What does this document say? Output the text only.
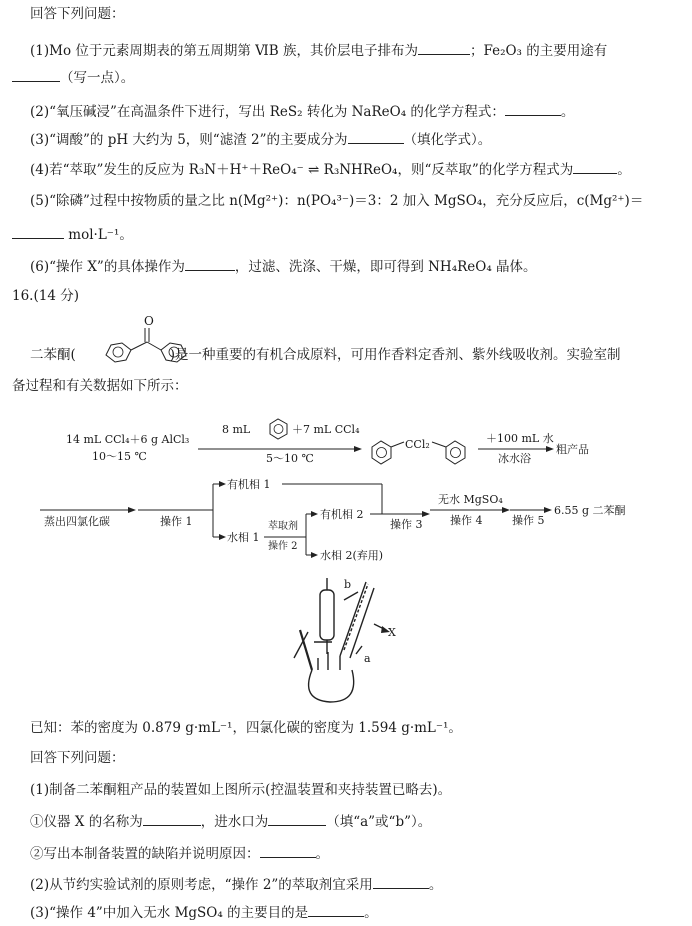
回答下列问题：
(1)Mo 位于元素周期表的第五周期第 ⅥB 族，其价层电子排布为	；Fe₂O₃ 的主要用途有
（写一点）。
(2)“氧压碱浸”在高温条件下进行，写出 ReS₂ 转化为 NaReO₄ 的化学方程式：	。
(3)“调酸”的 pH 大约为 5，则“滤渣 2”的主要成分为	（填化学式）。
(4)若“萃取”发生的反应为 R₃N＋H⁺＋ReO₄⁻ ⇌ R₃NHReO₄，则“反萃取”的化学方程式为	。
(5)“除磷”过程中按物质的量之比 n(Mg²⁺)：n(PO₄³⁻)＝3：2 加入 MgSO₄，充分反应后，c(Mg²⁺)＝
mol·L⁻¹。
(6)“操作 X”的具体操作为	，过滤、洗涤、干燥，即可得到 NH₄ReO₄ 晶体。
16.(14 分)
二苯酮(	)是一种重要的有机合成原料，可用作香料定香剂、紫外线吸收剂。实验室制
O
备过程和有关数据如下所示：
14 mL CCl₄＋6 g AlCl₃
10～15 ℃
8 mL	＋7 mL CCl₄
5～10 ℃
CCl₂	＋100 mL 水
冰水浴
粗产品
蒸出四氯化碳	操作 1
有机相 1
水相 1
萃取剂
操作 2
有机相 2
水相 2(弃用)
操作 3
无水 MgSO₄
操作 4	操作 5
6.55 g 二苯酮
b
X
a
已知：苯的密度为 0.879 g·mL⁻¹，四氯化碳的密度为 1.594 g·mL⁻¹。
回答下列问题：
(1)制备二苯酮粗产品的装置如上图所示(控温装置和夹持装置已略去)。
①仪器 X 的名称为	，进水口为	（填“a”或“b”）。
②写出本制备装置的缺陷并说明原因：	。
(2)从节约实验试剂的原则考虑，“操作 2”的萃取剂宜采用	。
(3)“操作 4”中加入无水 MgSO₄ 的主要目的是	。
